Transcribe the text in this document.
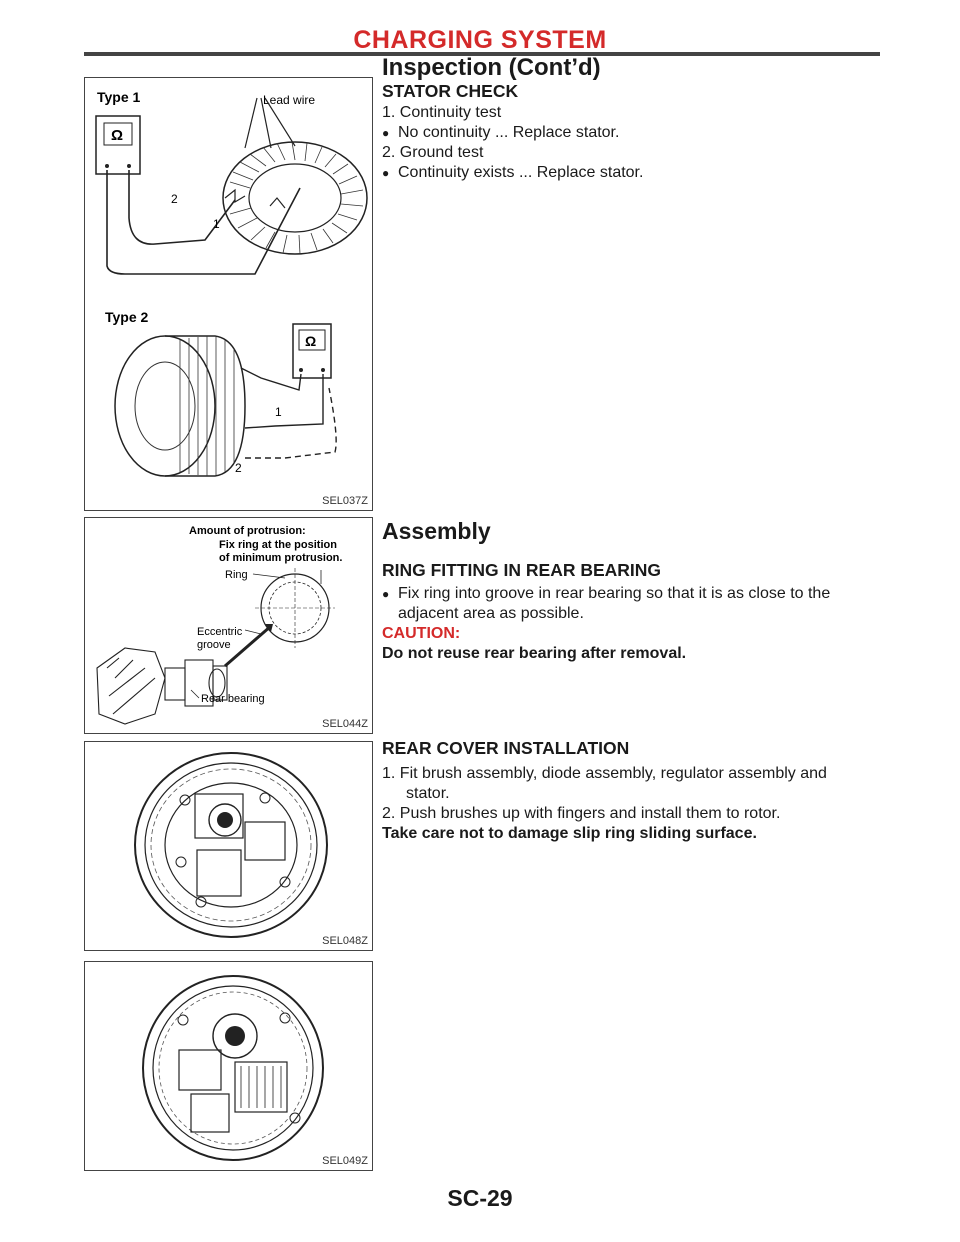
CHARGING SYSTEM
Inspection (Cont’d)
Type 1	Lead wire
Ω
2
1
Type 2
Ω
1
2
SEL037Z
Amount of protrusion:
Fix ring at the position
of minimum protrusion.
Ring
Eccentric
groove
Rear bearing
SEL044Z
SEL048Z
SEL049Z
STATOR CHECK
1. Continuity test
● No continuity ... Replace stator.
2. Ground test
● Continuity exists ... Replace stator.
Assembly
RING FITTING IN REAR BEARING
● Fix ring into groove in rear bearing so that it is as close to the
adjacent area as possible.
CAUTION:
Do not reuse rear bearing after removal.
REAR COVER INSTALLATION
1. Fit brush assembly, diode assembly, regulator assembly and
stator.
2. Push brushes up with fingers and install them to rotor.
Take care not to damage slip ring sliding surface.
SC-29
